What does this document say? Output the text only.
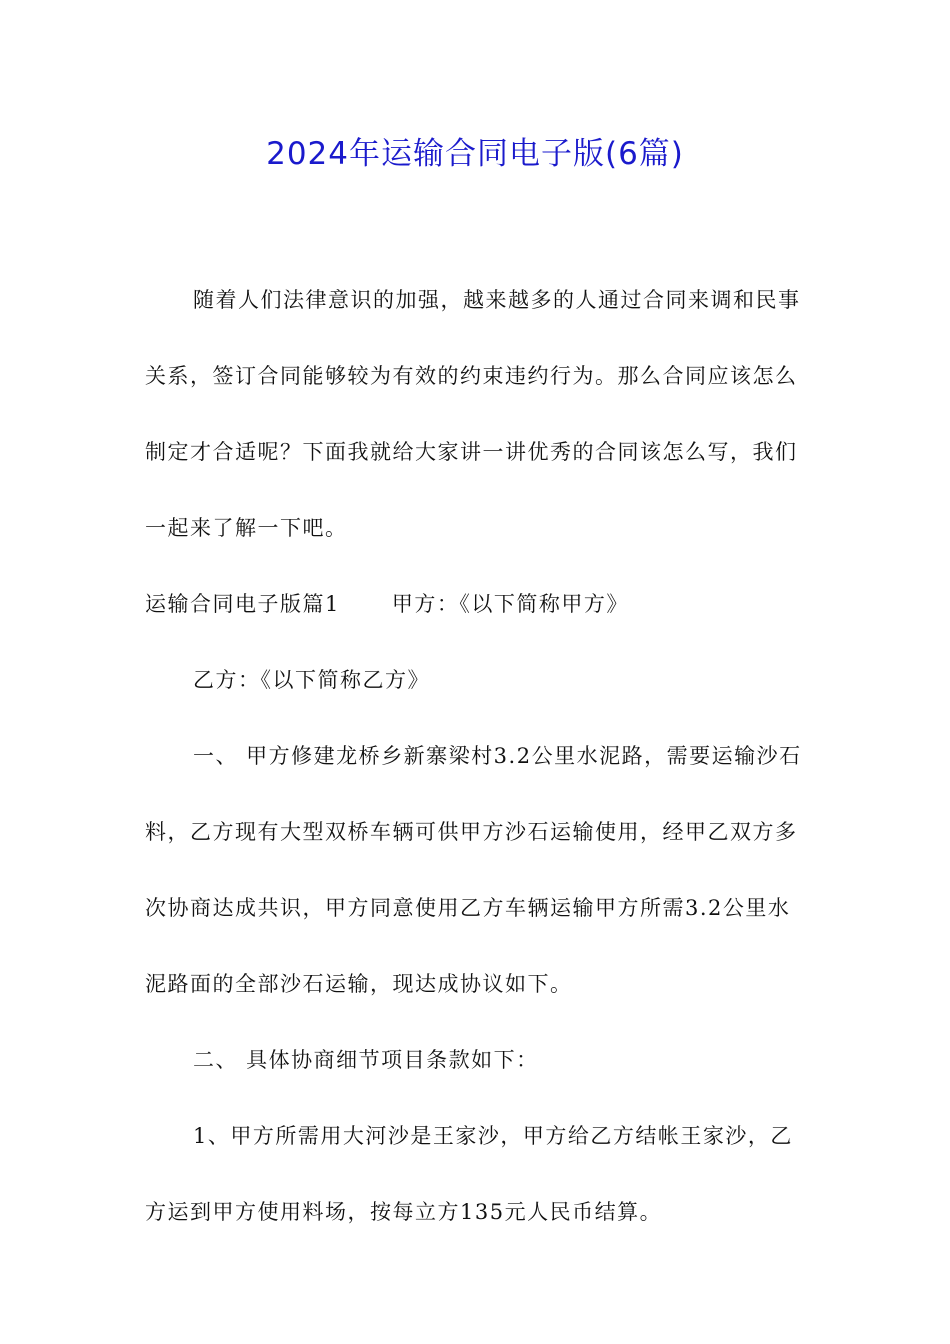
2024年运输合同电子版(6篇)

随着人们法律意识的加强，越来越多的人通过合同来调和民事关系，签订合同能够较为有效的约束违约行为。那么合同应该怎么制定才合适呢？下面我就给大家讲一讲优秀的合同该怎么写，我们一起来了解一下吧。

运输合同电子版篇1 甲方：《以下简称甲方》

乙方：《以下简称乙方》

一、 甲方修建龙桥乡新寨梁村3.2公里水泥路，需要运输沙石料，乙方现有大型双桥车辆可供甲方沙石运输使用，经甲乙双方多次协商达成共识，甲方同意使用乙方车辆运输甲方所需3.2公里水泥路面的全部沙石运输，现达成协议如下。

二、 具体协商细节项目条款如下：

1、甲方所需用大河沙是王家沙，甲方给乙方结帐王家沙，乙方运到甲方使用料场，按每立方135元人民币结算。
